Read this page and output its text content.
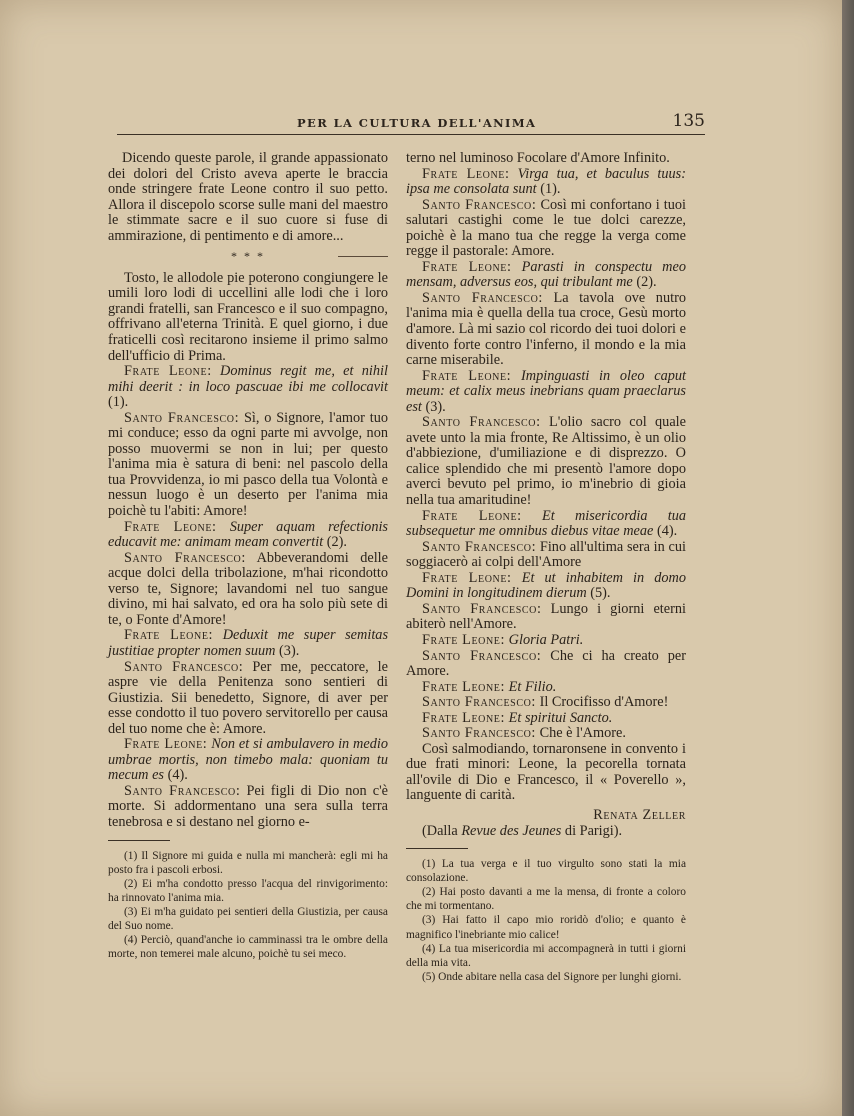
PER LA CULTURA DELL'ANIMA	135

Dicendo queste parole, il grande appassionato dei dolori del Cristo aveva aperte le braccia onde stringere frate Leone contro il suo petto. Allora il discepolo scorse sulle mani del maestro le stimmate sacre e il suo cuore si fuse di ammirazione, di pentimento e di amore...

* * *

Tosto, le allodole pie poterono congiungere le umili loro lodi di uccellini alle lodi che i loro grandi fratelli, san Francesco e il suo compagno, offrivano all'eterna Trinità. E quel giorno, i due fraticelli così recitarono insieme il primo salmo dell'ufficio di Prima.

Frate Leone: Dominus regit me, et nihil mihi deerit : in loco pascuae ibi me collocavit (1).

Santo Francesco: Sì, o Signore, l'amor tuo mi conduce; esso da ogni parte mi avvolge, non posso muovermi se non in lui; per questo l'anima mia è satura di beni: nel pascolo della tua Provvidenza, io mi pasco della tua Volontà e nessun luogo è un deserto per l'anima mia poichè tu l'abiti: Amore!

Frate Leone: Super aquam refectionis educavit me: animam meam convertit (2).

Santo Francesco: Abbeverandomi delle acque dolci della tribolazione, m'hai ricondotto verso te, Signore; lavandomi nel tuo sangue divino, mi hai salvato, ed ora ha solo più sete di te, o Fonte d'Amore!

Frate Leone: Deduxit me super semitas justitiae propter nomen suum (3).

Santo Francesco: Per me, peccatore, le aspre vie della Penitenza sono sentieri di Giustizia. Sii benedetto, Signore, di aver per esse condotto il tuo povero servitorello per causa del tuo nome che è: Amore.

Frate Leone: Non et si ambulavero in medio umbrae mortis, non timebo mala: quoniam tu mecum es (4).

Santo Francesco: Pei figli di Dio non c'è morte. Si addormentano una sera sulla terra tenebrosa e si destano nel giorno e-

(1) Il Signore mi guida e nulla mi mancherà: egli mi ha posto fra i pascoli erbosi.

(2) Ei m'ha condotto presso l'acqua del rinvigorimento: ha rinnovato l'anima mia.

(3) Ei m'ha guidato pei sentieri della Giustizia, per causa del Suo nome.

(4) Perciò, quand'anche io camminassi tra le ombre della morte, non temerei male alcuno, poichè tu sei meco.

terno nel luminoso Focolare d'Amore Infinito.

Frate Leone: Virga tua, et baculus tuus: ipsa me consolata sunt (1).

Santo Francesco: Così mi confortano i tuoi salutari castighi come le tue dolci carezze, poichè è la mano tua che regge la verga come regge il pastorale: Amore.

Frate Leone: Parasti in conspectu meo mensam, adversus eos, qui tribulant me (2).

Santo Francesco: La tavola ove nutro l'anima mia è quella della tua croce, Gesù morto d'amore. Là mi sazio col ricordo dei tuoi dolori e divento forte contro l'inferno, il mondo e la mia carne miserabile.

Frate Leone: Impinguasti in oleo caput meum: et calix meus inebrians quam praeclarus est (3).

Santo Francesco: L'olio sacro col quale avete unto la mia fronte, Re Altissimo, è un olio d'abbiezione, d'umiliazione e di disprezzo. O calice splendido che mi presentò l'amore dopo averci bevuto pel primo, io m'inebrio di gioia nella tua amaritudine!

Frate Leone: Et misericordia tua subsequetur me omnibus diebus vitae meae (4).

Santo Francesco: Fino all'ultima sera in cui soggiacerò ai colpi dell'Amore

Frate Leone: Et ut inhabitem in domo Domini in longitudinem dierum (5).

Santo Francesco: Lungo i giorni eterni abiterò nell'Amore.

Frate Leone: Gloria Patri.

Santo Francesco: Che ci ha creato per Amore.

Frate Leone: Et Filio.

Santo Francesco: Il Crocifisso d'Amore!

Frate Leone: Et spiritui Sancto.

Santo Francesco: Che è l'Amore.

Così salmodiando, tornaronsene in convento i due frati minori: Leone, la pecorella tornata all'ovile di Dio e Francesco, il « Poverello », languente di carità.

Renata Zeller

(Dalla Revue des Jeunes di Parigi).

(1) La tua verga e il tuo virgulto sono stati la mia consolazione.

(2) Hai posto davanti a me la mensa, di fronte a coloro che mi tormentano.

(3) Hai fatto il capo mio roridò d'olio; e quanto è magnifico l'inebriante mio calice!

(4) La tua misericordia mi accompagnerà in tutti i giorni della mia vita.

(5) Onde abitare nella casa del Signore per lunghi giorni.
